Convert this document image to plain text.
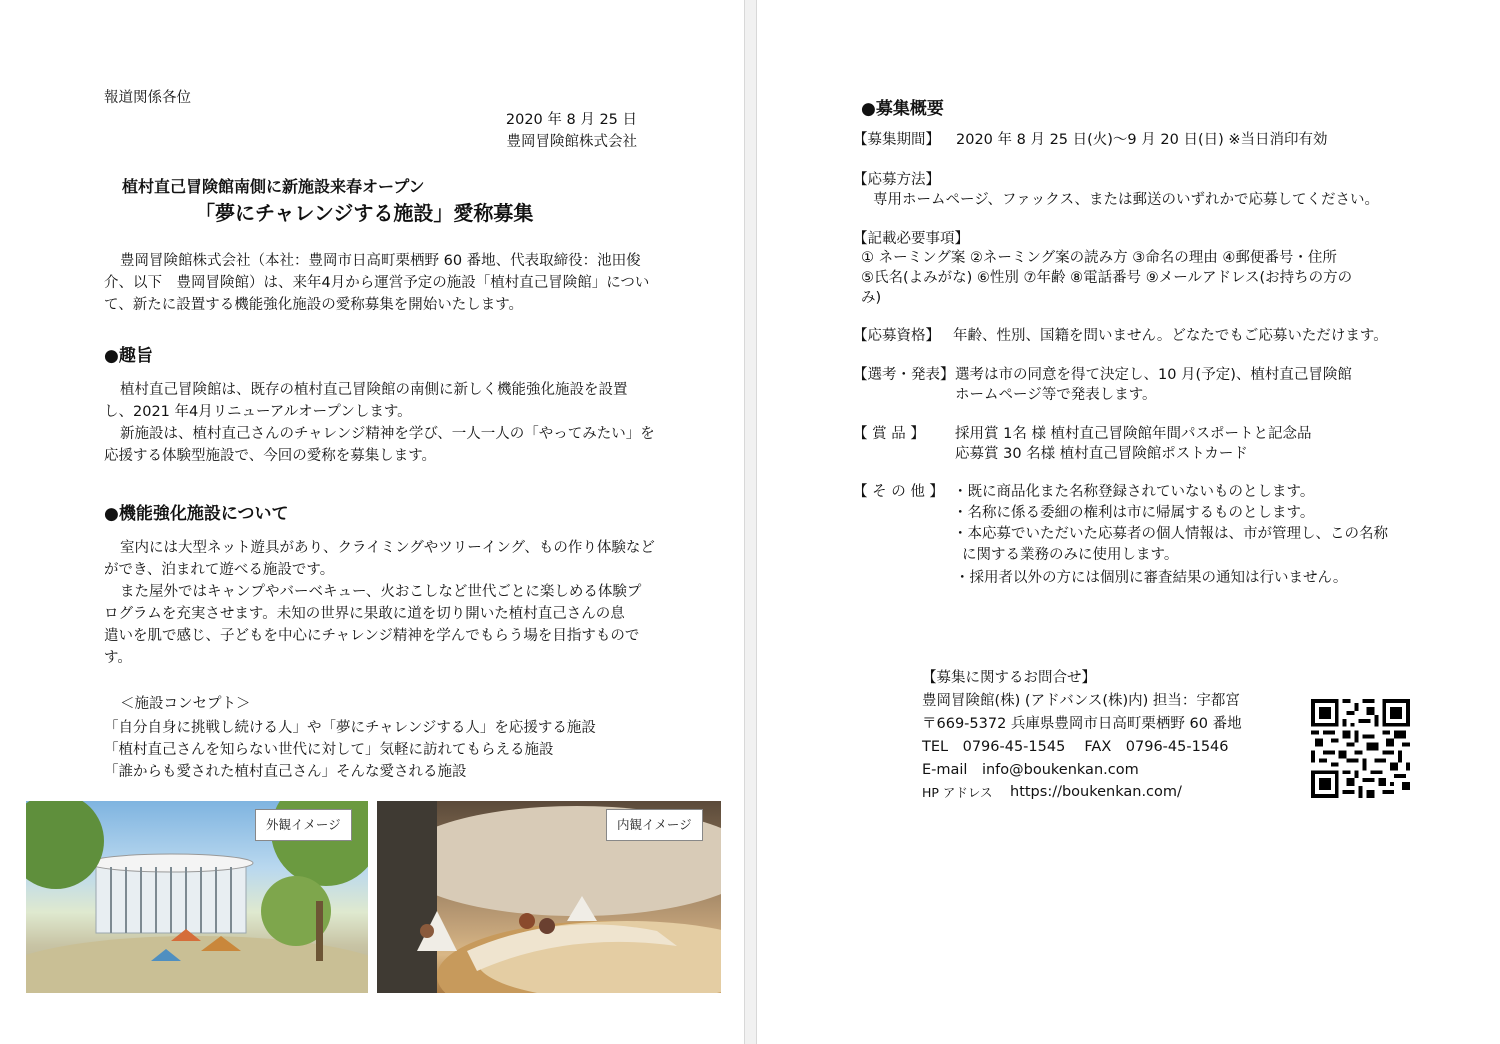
報道関係各位
2020 年 8 月 25 日
豊岡冒険館株式会社
植村直己冒険館南側に新施設来春オープン
「夢にチャレンジする施設」愛称募集
豊岡冒険館株式会社（本社：豊岡市日高町栗栖野 60 番地、代表取締役：池田俊
介、以下　豊岡冒険館）は、来年4月から運営予定の施設「植村直己冒険館」につい
て、新たに設置する機能強化施設の愛称募集を開始いたします。
●趣旨
植村直己冒険館は、既存の植村直己冒険館の南側に新しく機能強化施設を設置
し、2021 年4月リニューアルオープンします。
新施設は、植村直己さんのチャレンジ精神を学び、一人一人の「やってみたい」を
応援する体験型施設で、今回の愛称を募集します。
●機能強化施設について
室内には大型ネット遊具があり、クライミングやツリーイング、もの作り体験など
ができ、泊まれて遊べる施設です。
また屋外ではキャンプやバーベキュー、火おこしなど世代ごとに楽しめる体験プ
ログラムを充実させます。未知の世界に果敢に道を切り開いた植村直己さんの息
遣いを肌で感じ、子どもを中心にチャレンジ精神を学んでもらう場を目指すもので
す。
＜施設コンセプト＞
「自分自身に挑戦し続ける人」や「夢にチャレンジする人」を応援する施設
「植村直己さんを知らない世代に対して」気軽に訪れてもらえる施設
「誰からも愛された植村直己さん」そんな愛される施設
外観イメージ	内観イメージ
●募集概要
【募集期間】 2020 年 8 月 25 日(火)～9 月 20 日(日) ※当日消印有効
【応募方法】
専用ホームページ、ファックス、または郵送のいずれかで応募してください。
【記載必要事項】
① ネーミング案 ②ネーミング案の読み方 ③命名の理由 ④郵便番号・住所
⑤氏名(よみがな) ⑥性別 ⑦年齢 ⑧電話番号 ⑨メールアドレス(お持ちの方の
み)
【応募資格】 年齢、性別、国籍を問いません。どなたでもご応募いただけます。
【選考・発表】 選考は市の同意を得て決定し、10 月(予定)、植村直己冒険館
ホームページ等で発表します。
【 賞 品 】 採用賞 1名 様 植村直己冒険館年間パスポートと記念品
応募賞 30 名様 植村直己冒険館ポストカード
【 そ の 他 】 ・既に商品化また名称登録されていないものとします。
・名称に係る委細の権利は市に帰属するものとします。
・本応募でいただいた応募者の個人情報は、市が管理し、この名称
に関する業務のみに使用します。
・採用者以外の方には個別に審査結果の通知は行いません。
【募集に関するお問合せ】
豊岡冒険館(株) (アドバンス(株)内) 担当：宇都宮
〒669-5372 兵庫県豊岡市日高町栗栖野 60 番地
TEL　0796-45-1545　 FAX　0796-45-1546
E-mail　info@boukenkan.com
HP アドレス https://boukenkan.com/
